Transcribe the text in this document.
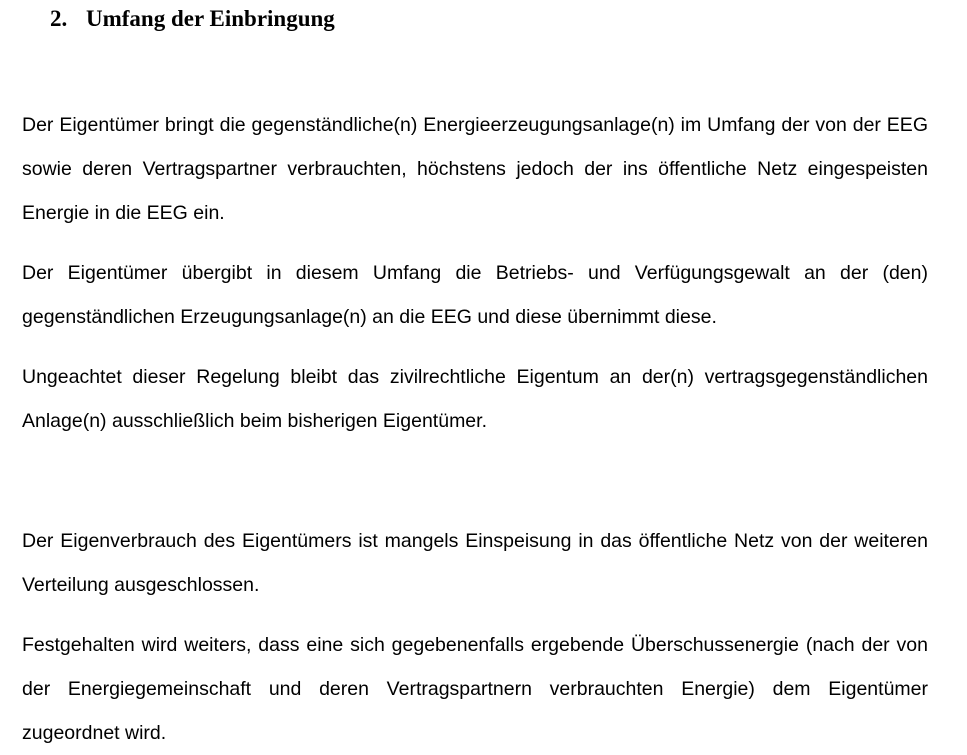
2. Umfang der Einbringung

Der Eigentümer bringt die gegenständliche(n) Energieerzeugungsanlage(n) im Umfang der von der EEG sowie deren Vertragspartner verbrauchten, höchstens jedoch der ins öffentliche Netz eingespeisten Energie in die EEG ein.

Der Eigentümer übergibt in diesem Umfang die Betriebs- und Verfügungsgewalt an der (den) gegenständlichen Erzeugungsanlage(n) an die EEG und diese übernimmt diese.

Ungeachtet dieser Regelung bleibt das zivilrechtliche Eigentum an der(n) vertragsgegenständlichen Anlage(n) ausschließlich beim bisherigen Eigentümer.

Der Eigenverbrauch des Eigentümers ist mangels Einspeisung in das öffentliche Netz von der weiteren Verteilung ausgeschlossen.

Festgehalten wird weiters, dass eine sich gegebenenfalls ergebende Überschussenergie (nach der von der Energiegemeinschaft und deren Vertragspartnern verbrauchten Energie) dem Eigentümer zugeordnet wird.
